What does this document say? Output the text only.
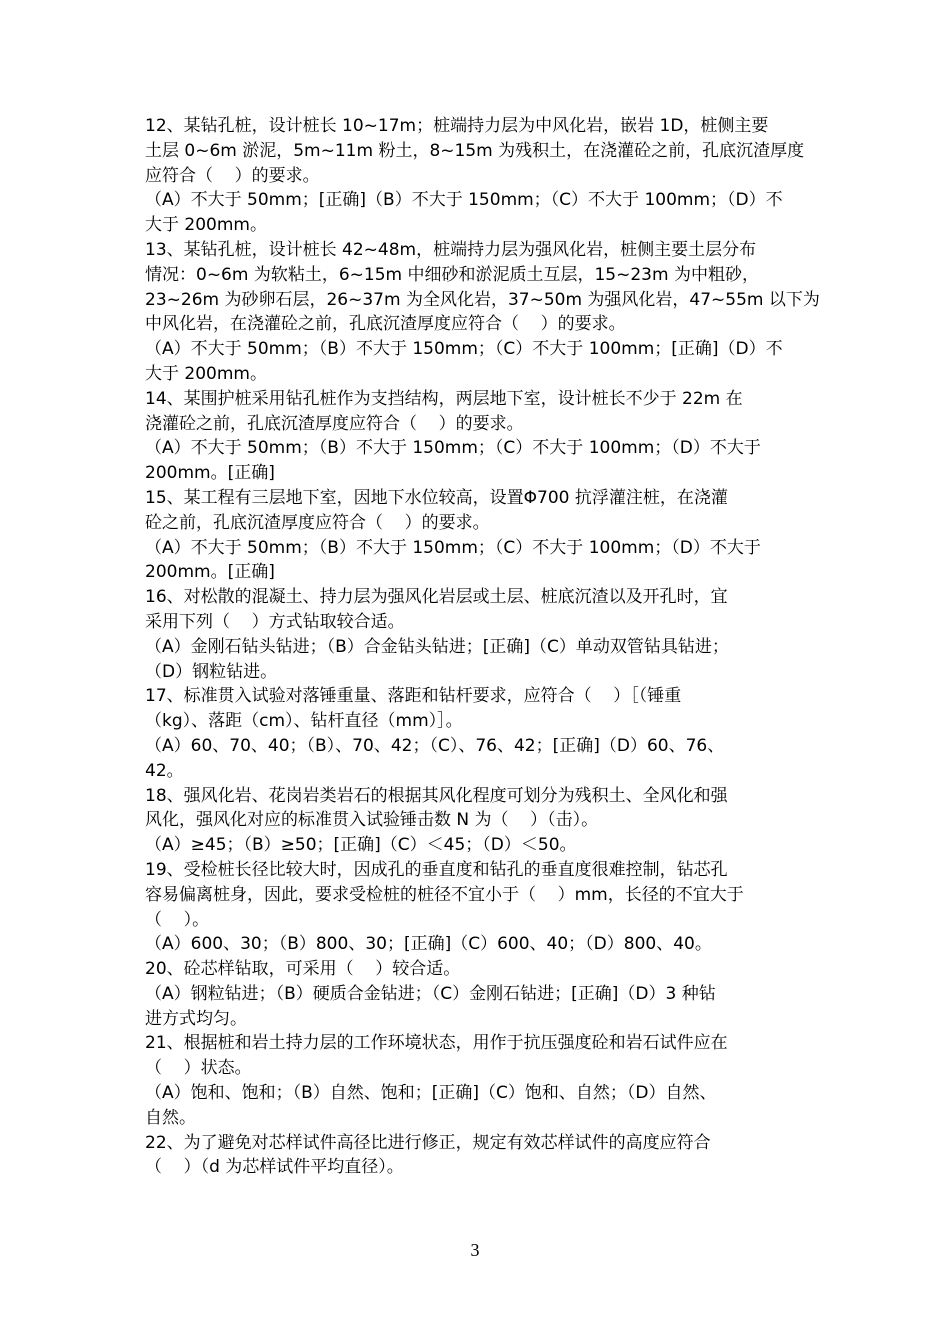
12、某钻孔桩，设计桩长 10~17m；桩端持力层为中风化岩，嵌岩 1D，桩侧主要

土层 0~6m 淤泥，5m~11m 粉土，8~15m 为残积土，在浇灌砼之前，孔底沉渣厚度

应符合（    ）的要求。

（A）不大于 50mm；[正确]（B）不大于 150mm；（C）不大于 100mm；（D）不

大于 200mm。

13、某钻孔桩，设计桩长 42~48m，桩端持力层为强风化岩，桩侧主要土层分布

情况：0~6m 为软粘土，6~15m 中细砂和淤泥质土互层，15~23m 为中粗砂，

23~26m 为砂卵石层，26~37m 为全风化岩，37~50m 为强风化岩，47~55m 以下为

中风化岩，在浇灌砼之前，孔底沉渣厚度应符合（    ）的要求。

（A）不大于 50mm；（B）不大于 150mm；（C）不大于 100mm；[正确]（D）不

大于 200mm。

14、某围护桩采用钻孔桩作为支挡结构，两层地下室，设计桩长不少于 22m 在

浇灌砼之前，孔底沉渣厚度应符合（    ）的要求。

（A）不大于 50mm；（B）不大于 150mm；（C）不大于 100mm；（D）不大于

200mm。[正确]

15、某工程有三层地下室，因地下水位较高，设置Φ700 抗浮灌注桩，在浇灌

砼之前，孔底沉渣厚度应符合（    ）的要求。

（A）不大于 50mm；（B）不大于 150mm；（C）不大于 100mm；（D）不大于

200mm。[正确]

16、对松散的混凝土、持力层为强风化岩层或土层、桩底沉渣以及开孔时，宜

采用下列（    ）方式钻取较合适。

（A）金刚石钻头钻进；（B）合金钻头钻进；[正确]（C）单动双管钻具钻进；

（D）钢粒钻进。

17、标准贯入试验对落锤重量、落距和钻杆要求，应符合（    ）［（锤重

（kg）、落距（cm）、钻杆直径（mm）］。

（A）60、70、40；（B）、70、42；（C）、76、42；[正确]（D）60、76、

42。

18、强风化岩、花岗岩类岩石的根据其风化程度可划分为残积土、全风化和强

风化，强风化对应的标准贯入试验锤击数 N 为（    ）（击）。

（A）≥45；（B）≥50；[正确]（C）＜45；（D）＜50。

19、受检桩长径比较大时，因成孔的垂直度和钻孔的垂直度很难控制，钻芯孔

容易偏离桩身，因此，要求受检桩的桩径不宜小于（    ）mm，长径的不宜大于

（    ）。

（A）600、30；（B）800、30；[正确]（C）600、40；（D）800、40。

20、砼芯样钻取，可采用（    ）较合适。

（A）钢粒钻进；（B）硬质合金钻进；（C）金刚石钻进；[正确]（D）3 种钻

进方式均匀。

21、根据桩和岩土持力层的工作环境状态，用作于抗压强度砼和岩石试件应在

（    ）状态。

（A）饱和、饱和；（B）自然、饱和；[正确]（C）饱和、自然；（D）自然、

自然。

22、为了避免对芯样试件高径比进行修正，规定有效芯样试件的高度应符合

（    ）（d 为芯样试件平均直径）。

3
